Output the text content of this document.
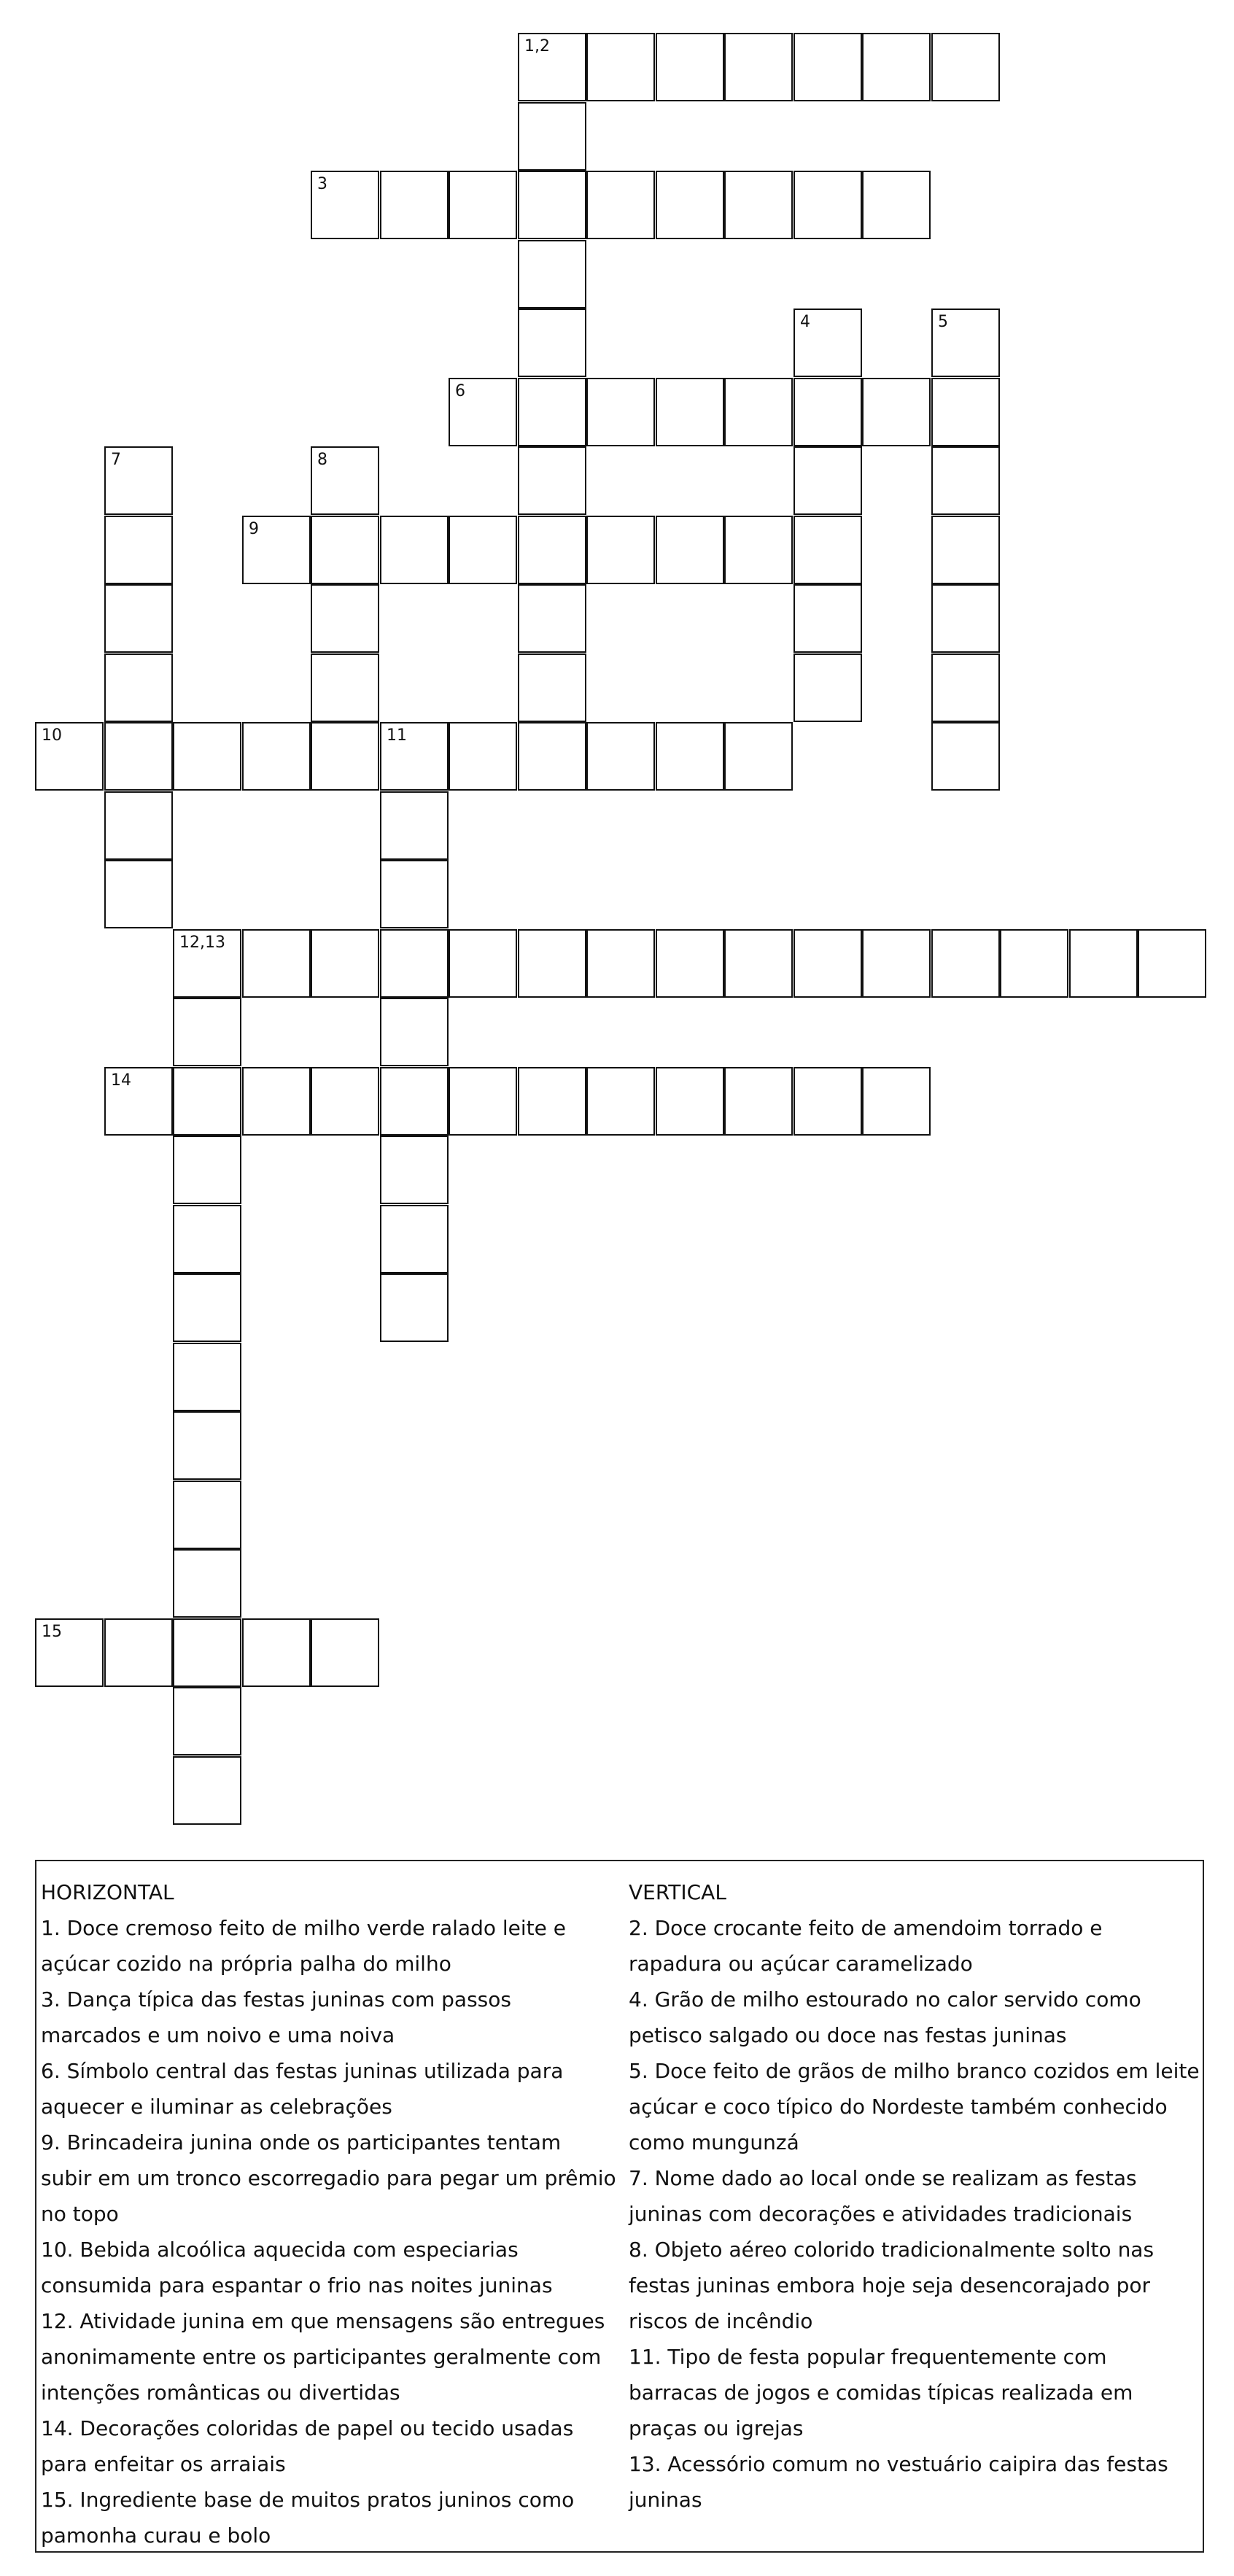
1,2
3
4	5
6
7	8
9
10	11
12,13
14
15

HORIZONTAL

1. Doce cremoso feito de milho verde ralado leite e açúcar cozido na própria palha do milho

3. Dança típica das festas juninas com passos marcados e um noivo e uma noiva

6. Símbolo central das festas juninas utilizada para aquecer e iluminar as celebrações

9. Brincadeira junina onde os participantes tentam subir em um tronco escorregadio para pegar um prêmio no topo

10. Bebida alcoólica aquecida com especiarias consumida para espantar o frio nas noites juninas

12. Atividade junina em que mensagens são entregues anonimamente entre os participantes geralmente com intenções românticas ou divertidas

14. Decorações coloridas de papel ou tecido usadas para enfeitar os arraiais

15. Ingrediente base de muitos pratos juninos como pamonha curau e bolo

VERTICAL

2. Doce crocante feito de amendoim torrado e rapadura ou açúcar caramelizado

4. Grão de milho estourado no calor servido como petisco salgado ou doce nas festas juninas

5. Doce feito de grãos de milho branco cozidos em leite açúcar e coco típico do Nordeste também conhecido como mungunzá

7. Nome dado ao local onde se realizam as festas juninas com decorações e atividades tradicionais

8. Objeto aéreo colorido tradicionalmente solto nas festas juninas embora hoje seja desencorajado por riscos de incêndio

11. Tipo de festa popular frequentemente com barracas de jogos e comidas típicas realizada em praças ou igrejas

13. Acessório comum no vestuário caipira das festas juninas
